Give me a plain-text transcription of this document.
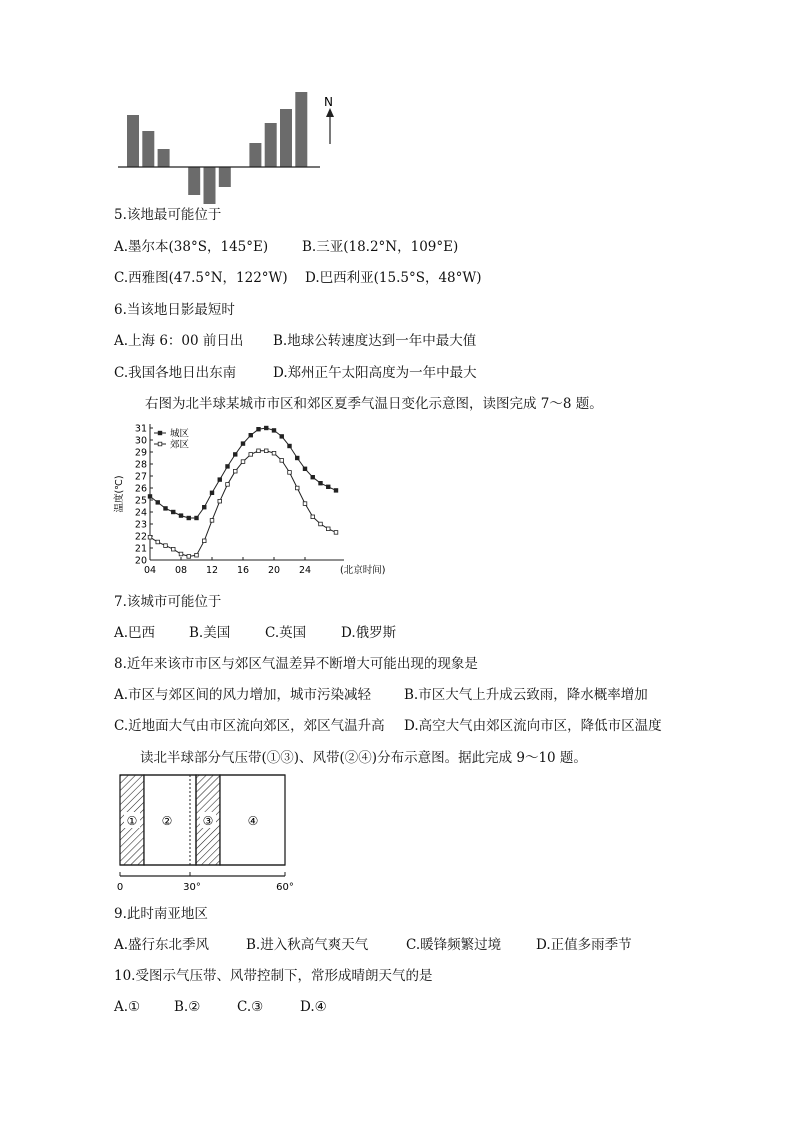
N
5.该地最可能位于
A.墨尔本(38°S，145°E)	B.三亚(18.2°N，109°E)
C.西雅图(47.5°N，122°W) D.巴西利亚(15.5°S，48°W)
6.当该地日影最短时
A.上海 6：00 前日出 B.地球公转速度达到一年中最大值
C.我国各地日出东南	D.郑州正午太阳高度为一年中最大
右图为北半球某城市市区和郊区夏季气温日变化示意图，读图完成 7～8 题。
31
30
29
28
27
26
25
24
23
22
21
20
04 08 12 16 20 24	(北京时间)
温度(℃)
城区
郊区
7.该城市可能位于
A.巴西	B.美国	C.英国	D.俄罗斯
8.近年来该市市区与郊区气温差异不断增大可能出现的现象是
A.市区与郊区间的风力增加，城市污染减轻 B.市区大气上升成云致雨，降水概率增加
C.近地面大气由市区流向郊区，郊区气温升高 D.高空大气由郊区流向市区，降低市区温度
读北半球部分气压带(①③)、风带(②④)分布示意图。据此完成 9～10 题。
① ②	③	④
0	30°	60°
9.此时南亚地区
A.盛行东北季风	B.进入秋高气爽天气	C.暖锋频繁过境	D.正值多雨季节
10.受图示气压带、风带控制下，常形成晴朗天气的是
A.①	B.②	C.③	D.④
